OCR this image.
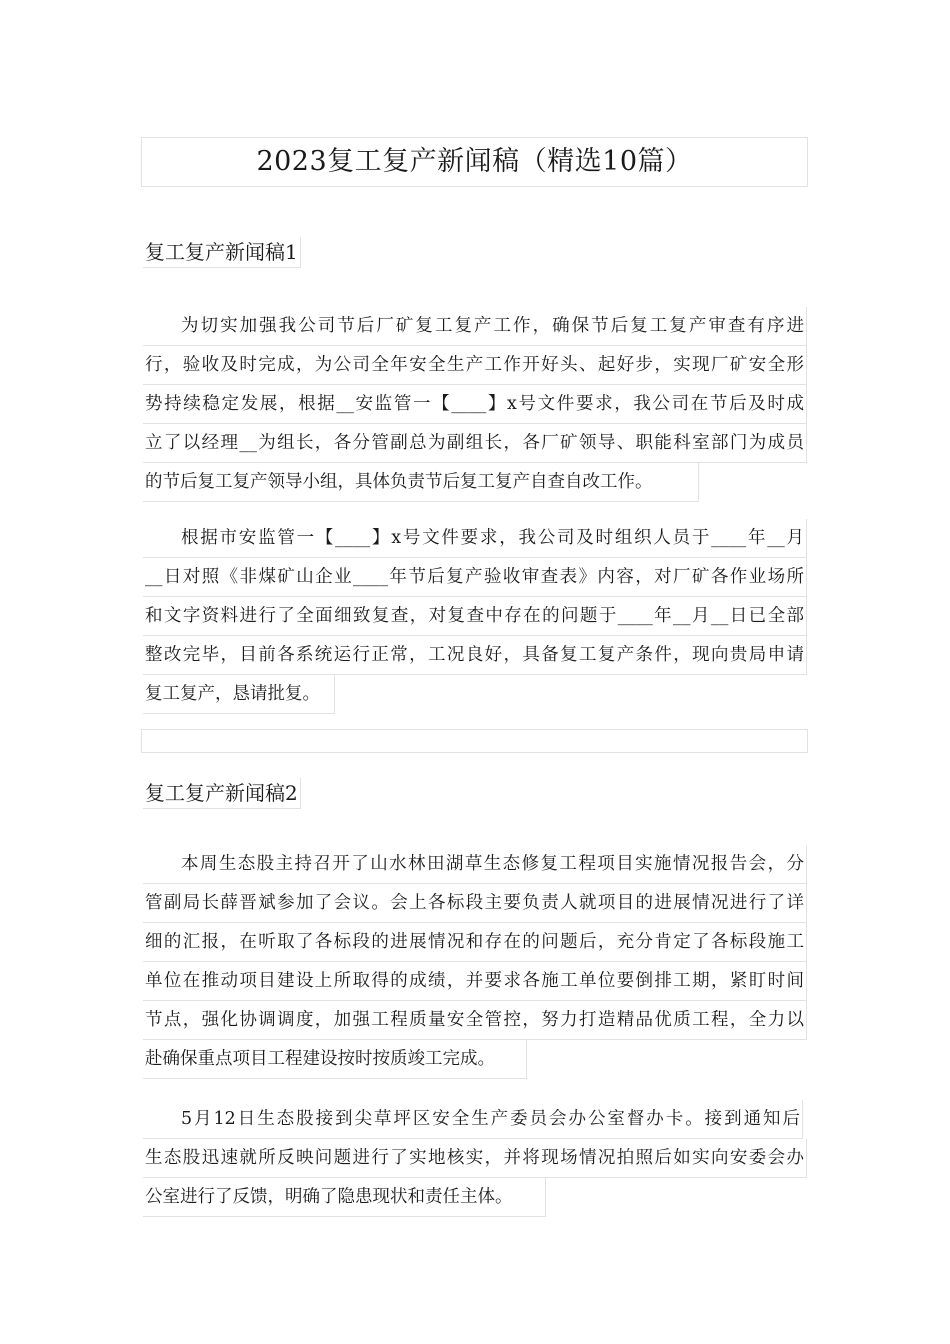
2023复工复产新闻稿（精选10篇）
复工复产新闻稿1
为切实加强我公司节后厂矿复工复产工作，确保节后复工复产审查有序进
行，验收及时完成，为公司全年安全生产工作开好头、起好步，实现厂矿安全形
势持续稳定发展，根据__安监管一【____】x号文件要求，我公司在节后及时成
立了以经理__为组长，各分管副总为副组长，各厂矿领导、职能科室部门为成员
的节后复工复产领导小组，具体负责节后复工复产自查自改工作。
根据市安监管一【____】x号文件要求，我公司及时组织人员于____年__月
__日对照《非煤矿山企业____年节后复产验收审查表》内容，对厂矿各作业场所
和文字资料进行了全面细致复查，对复查中存在的问题于____年__月__日已全部
整改完毕，目前各系统运行正常，工况良好，具备复工复产条件，现向贵局申请
复工复产，恳请批复。
复工复产新闻稿2
本周生态股主持召开了山水林田湖草生态修复工程项目实施情况报告会，分
管副局长薛晋斌参加了会议。会上各标段主要负责人就项目的进展情况进行了详
细的汇报，在听取了各标段的进展情况和存在的问题后，充分肯定了各标段施工
单位在推动项目建设上所取得的成绩，并要求各施工单位要倒排工期，紧盯时间
节点，强化协调调度，加强工程质量安全管控，努力打造精品优质工程，全力以
赴确保重点项目工程建设按时按质竣工完成。
5月12日生态股接到尖草坪区安全生产委员会办公室督办卡。接到通知后
生态股迅速就所反映问题进行了实地核实，并将现场情况拍照后如实向安委会办
公室进行了反馈，明确了隐患现状和责任主体。
